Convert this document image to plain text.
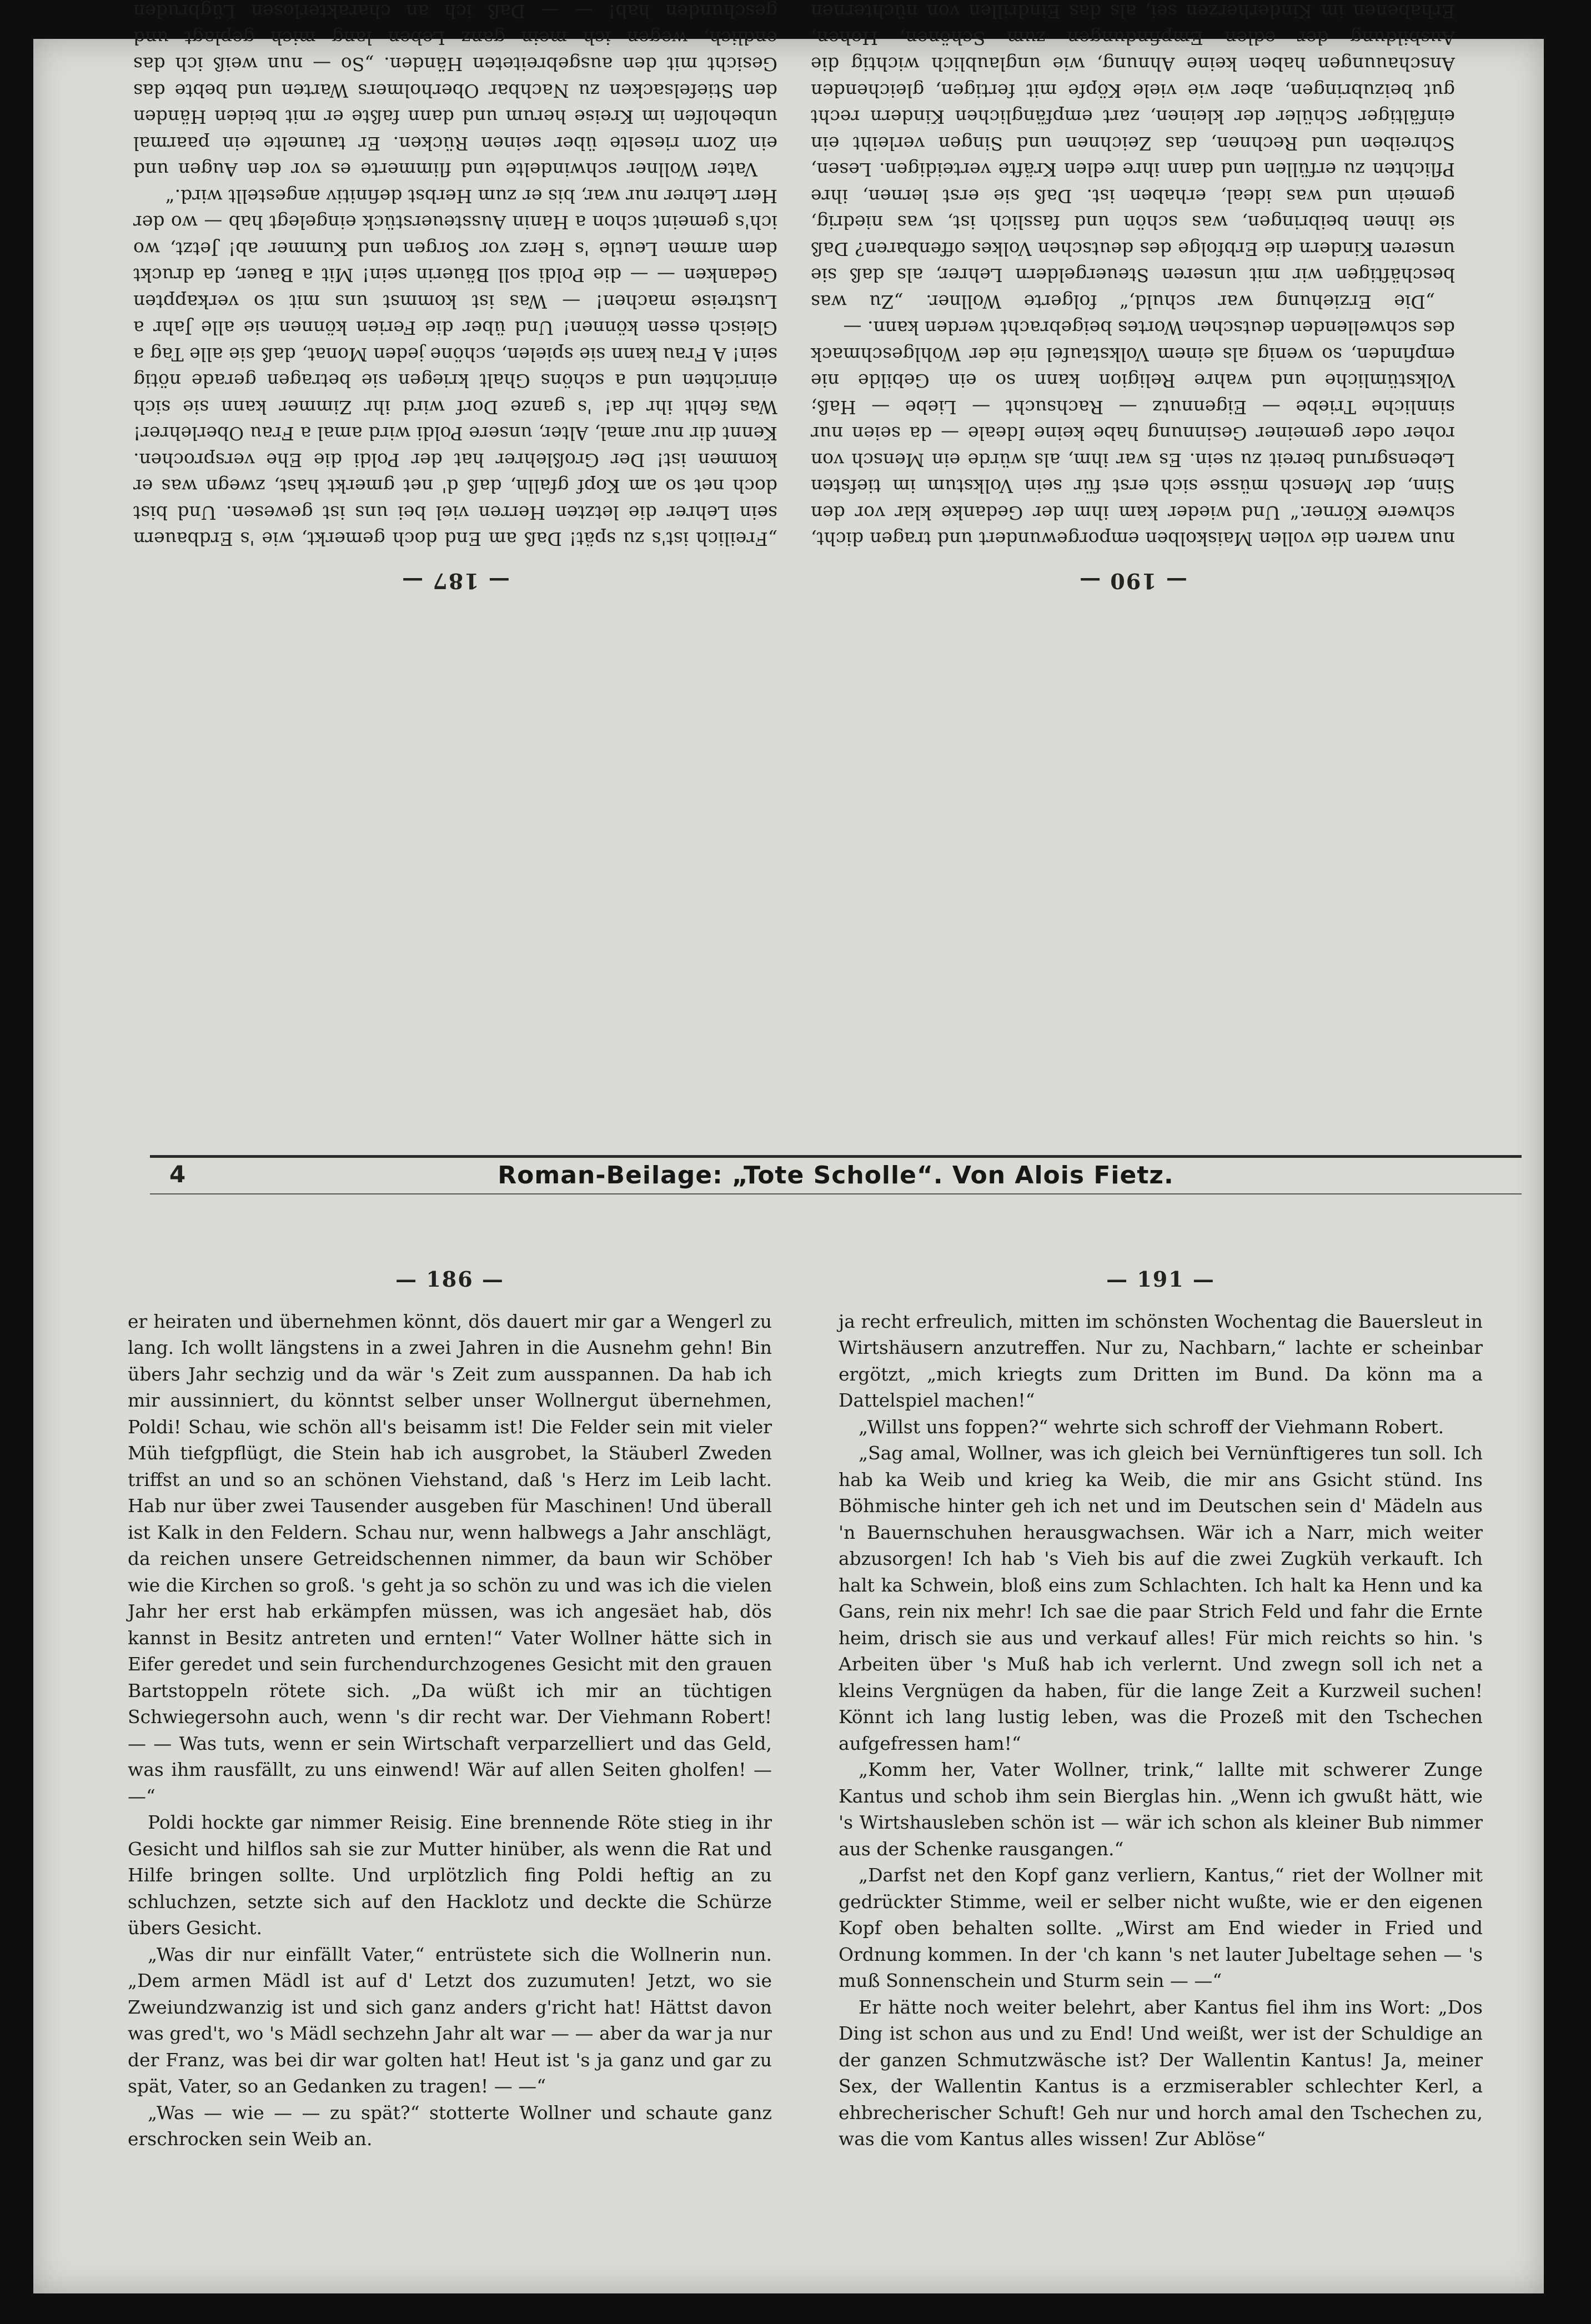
— 190 —

nun waren die vollen Maiskolben emporgewundert und tragen dicht, schwere Körner.“ Und wieder kam ihm der Gedanke klar vor den Sinn, der Mensch müsse sich erst für sein Volkstum im tiefsten Lebensgrund bereit zu sein. Es war ihm, als würde ein Mensch von roher oder gemeiner Gesinnung habe keine Ideale — da seien nur sinnliche Triebe — Eigennutz — Rachsucht — Liebe — Haß; Volkstümliche und wahre Religion kann so ein Gebilde nie empfinden, so wenig als einem Volkstaufel nie der Wohlgeschmack des schwellenden deutschen Wortes beigebracht werden kann. —

„Die Erziehung war schuld,“ folgerte Wollner. „Zu was beschäftigen wir mit unseren Steuergeldern Lehrer, als daß sie unseren Kindern die Erbfolge des deutschen Volkes offenbaren? Daß sie ihnen beibringen, was schön und fasslich ist, was niedrig, gemein und was ideal, erhaben ist. Daß sie erst lernen, ihre Pflichten zu erfüllen und dann ihre edlen Kräfte verteidigen. Lesen, Schreiben und Rechnen, das Zeichnen und Singen verleiht ein einfältiger Schüler der kleinen, zart empfänglichen Kindern recht gut beizubringen, aber wie viele Köpfe mit fertigen, gleichenden Anschauungen haben keine Ahnung, wie unglaublich wichtig die Ausbildung der edlen Empfindungen zum Schönen, Hohen, Erhabenen im Kinderherzen sei, als das Eindrillen von nüchternen

— 187 —

„Freilich ist's zu spät! Daß am End doch gemerkt, wie 's Erdbauern sein Lehrer die letzten Herren viel bei uns ist gewesen. Und bist doch net so am Kopf gfalln, daß d' net gmerkt hast, zwegn was er kommen ist! Der Großlehrer hat der Poldi die Ehe versprochen. Kennt dir nur amal, Alter, unsere Poldi wird amal a Frau Oberlehrer! Was fehlt ihr da! 's ganze Dorf wird ihr Zimmer kann sie sich einrichten und a schöns Ghalt kriegen sie betragen gerade nötig sein! A Frau kann sie spielen, schöne jeden Monat, daß sie alle Tag a Gleisch essen können! Und über die Ferien können sie alle Jahr a Lustreise machen! — Was ist kommst uns mit so verkappten Gedanken — — die Poldi soll Bäuerin sein! Mit a Bauer, da druckt dem armen Leutle 's Herz vor Sorgen und Kummer ab! Jetzt, wo ich's gemeint schon a Hanin Aussteuerstück eingelegt hab — wo der Herr Lehrer nur war, bis er zum Herbst definitiv angestellt wird.“

Vater Wollner schwindelte und flimmerte es vor den Augen und ein Zorn rieselte über seinen Rücken. Er taumelte ein paarmal unbeholfen im Kreise herum und dann faßte er mit beiden Händen den Stiefelsacken zu Nachbar Oberholmers Warten und bebte das Gesicht mit den ausgebreiteten Händen. „So — nun weiß ich das endlich, wegen ich mein ganz Leben lang mich geplagt und geschunden hab! — — Daß ich an charakterlosen Lügbruden

Roman-Beilage: „Tote Scholle“. Von Alois Fietz.
4
— 186 —

er heiraten und übernehmen könnt, dös dauert mir gar a Wengerl zu lang. Ich wollt längstens in a zwei Jahren in die Ausnehm gehn! Bin übers Jahr sechzig und da wär 's Zeit zum ausspannen. Da hab ich mir aussinniert, du könntst selber unser Wollnergut übernehmen, Poldi! Schau, wie schön all's beisamm ist! Die Felder sein mit vieler Müh tiefgpflügt, die Stein hab ich ausgrobet, la Stäuberl Zweden triffst an und so an schönen Viehstand, daß 's Herz im Leib lacht. Hab nur über zwei Tausender ausgeben für Maschinen! Und überall ist Kalk in den Feldern. Schau nur, wenn halbwegs a Jahr anschlägt, da reichen unsere Getreidschennen nimmer, da baun wir Schöber wie die Kirchen so groß. 's geht ja so schön zu und was ich die vielen Jahr her erst hab erkämpfen müssen, was ich angesäet hab, dös kannst in Besitz antreten und ernten!“ Vater Wollner hätte sich in Eifer geredet und sein furchendurchzogenes Gesicht mit den grauen Bartstoppeln rötete sich. „Da wüßt ich mir an tüchtigen Schwiegersohn auch, wenn 's dir recht war. Der Viehmann Robert! — — Was tuts, wenn er sein Wirtschaft verparzelliert und das Geld, was ihm rausfällt, zu uns einwend! Wär auf allen Seiten gholfen! — —“

Poldi hockte gar nimmer Reisig. Eine brennende Röte stieg in ihr Gesicht und hilflos sah sie zur Mutter hinüber, als wenn die Rat und Hilfe bringen sollte. Und urplötzlich fing Poldi heftig an zu schluchzen, setzte sich auf den Hacklotz und deckte die Schürze übers Gesicht.

„Was dir nur einfällt Vater,“ entrüstete sich die Wollnerin nun. „Dem armen Mädl ist auf d' Letzt dos zuzumuten! Jetzt, wo sie Zweiundzwanzig ist und sich ganz anders g'richt hat! Hättst davon was gred't, wo 's Mädl sechzehn Jahr alt war — — aber da war ja nur der Franz, was bei dir war golten hat! Heut ist 's ja ganz und gar zu spät, Vater, so an Gedanken zu tragen! — —“

„Was — wie — — zu spät?“ stotterte Wollner und schaute ganz erschrocken sein Weib an.

— 191 —

ja recht erfreulich, mitten im schönsten Wochentag die Bauersleut in Wirtshäusern anzutreffen. Nur zu, Nachbarn,“ lachte er scheinbar ergötzt, „mich kriegts zum Dritten im Bund. Da könn ma a Dattelspiel machen!“

„Willst uns foppen?“ wehrte sich schroff der Viehmann Robert.

„Sag amal, Wollner, was ich gleich bei Vernünftigeres tun soll. Ich hab ka Weib und krieg ka Weib, die mir ans Gsicht stünd. Ins Böhmische hinter geh ich net und im Deutschen sein d' Mädeln aus 'n Bauernschuhen herausgwachsen. Wär ich a Narr, mich weiter abzusorgen! Ich hab 's Vieh bis auf die zwei Zugküh verkauft. Ich halt ka Schwein, bloß eins zum Schlachten. Ich halt ka Henn und ka Gans, rein nix mehr! Ich sae die paar Strich Feld und fahr die Ernte heim, drisch sie aus und verkauf alles! Für mich reichts so hin. 's Arbeiten über 's Muß hab ich verlernt. Und zwegn soll ich net a kleins Vergnügen da haben, für die lange Zeit a Kurzweil suchen! Könnt ich lang lustig leben, was die Prozeß mit den Tschechen aufgefressen ham!“

„Komm her, Vater Wollner, trink,“ lallte mit schwerer Zunge Kantus und schob ihm sein Bierglas hin. „Wenn ich gwußt hätt, wie 's Wirtshausleben schön ist — wär ich schon als kleiner Bub nimmer aus der Schenke rausgangen.“

„Darfst net den Kopf ganz verliern, Kantus,“ riet der Wollner mit gedrückter Stimme, weil er selber nicht wußte, wie er den eigenen Kopf oben behalten sollte. „Wirst am End wieder in Fried und Ordnung kommen. In der 'ch kann 's net lauter Jubeltage sehen — 's muß Sonnenschein und Sturm sein — —“

Er hätte noch weiter belehrt, aber Kantus fiel ihm ins Wort: „Dos Ding ist schon aus und zu End! Und weißt, wer ist der Schuldige an der ganzen Schmutzwäsche ist? Der Wallentin Kantus! Ja, meiner Sex, der Wallentin Kantus is a erzmiserabler schlechter Kerl, a ehbrecherischer Schuft! Geh nur und horch amal den Tschechen zu, was die vom Kantus alles wissen! Zur Ablöse“
